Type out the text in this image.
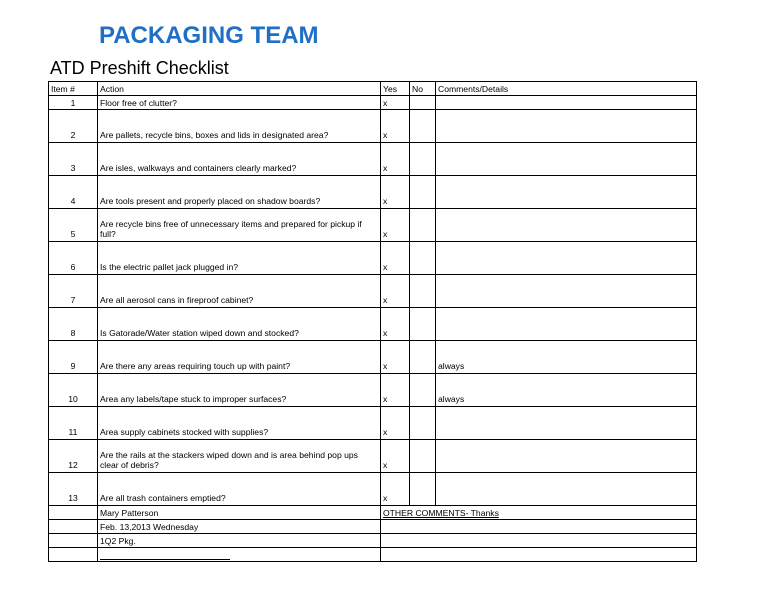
PACKAGING TEAM
ATD Preshift Checklist
Item #	Action	Yes	No	Comments/Details
1	Floor free of clutter?	x		
2	Are pallets, recycle bins, boxes and lids in designated area?	x		
3	Are isles, walkways and containers clearly marked?	x		
4	Are tools present and properly placed on shadow boards?	x		
5	Are recycle bins free of unnecessary items and prepared for pickup if full?	x		
6	Is the electric pallet jack plugged in?	x		
7	Are all aerosol cans in fireproof cabinet?	x		
8	Is Gatorade/Water station wiped down and stocked?	x		
9	Are there any areas requiring touch up with paint?	x		always
10	Area any labels/tape stuck to improper surfaces?	x		always
11	Area supply cabinets stocked with supplies?	x		
12	Are the rails at the stackers wiped down and is area behind pop ups clear of debris?	x		
13	Are all trash containers emptied?	x		
	Mary Patterson	OTHER COMMENTS- Thanks		
	Feb. 13,2013 Wednesday			
	1Q2 Pkg.			
